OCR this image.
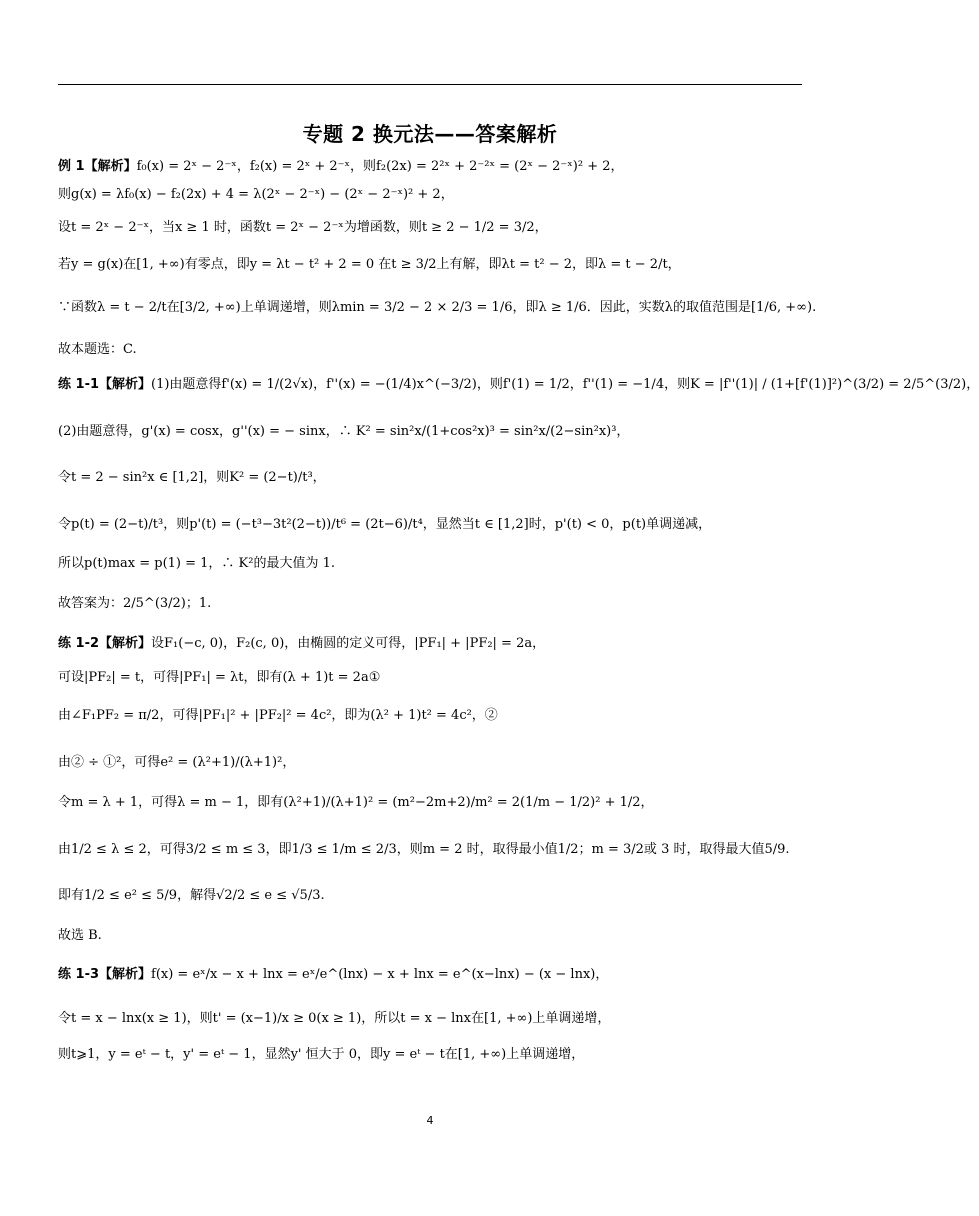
专题 2 换元法——答案解析
例 1【解析】f₀(x) = 2ˣ − 2⁻ˣ，f₂(x) = 2ˣ + 2⁻ˣ，则f₂(2x) = 2²ˣ + 2⁻²ˣ = (2ˣ − 2⁻ˣ)² + 2，
则g(x) = λf₀(x) − f₂(2x) + 4 = λ(2ˣ − 2⁻ˣ) − (2ˣ − 2⁻ˣ)² + 2，
设t = 2ˣ − 2⁻ˣ，当x ≥ 1 时，函数t = 2ˣ − 2⁻ˣ为增函数，则t ≥ 2 − 1/2 = 3/2，
若y = g(x)在[1, +∞)有零点，即y = λt − t² + 2 = 0 在t ≥ 3/2上有解，即λt = t² − 2，即λ = t − 2/t，
∵函数λ = t − 2/t在[3/2, +∞)上单调递增，则λmin = 3/2 − 2 × 2/3 = 1/6，即λ ≥ 1/6．因此，实数λ的取值范围是[1/6, +∞).
故本题选：C.
练 1-1【解析】(1)由题意得f'(x) = 1/(2√x)，f''(x) = −(1/4)x^(−3/2)，则f'(1) = 1/2，f''(1) = −1/4，则K = |f''(1)| / (1+[f'(1)]²)^(3/2) = 2/5^(3/2)，
(2)由题意得，g'(x) = cosx，g''(x) = − sinx，∴ K² = sin²x/(1+cos²x)³ = sin²x/(2−sin²x)³，
令t = 2 − sin²x ∈ [1,2]，则K² = (2−t)/t³，
令p(t) = (2−t)/t³，则p'(t) = (−t³−3t²(2−t))/t⁶ = (2t−6)/t⁴，显然当t ∈ [1,2]时，p'(t) < 0，p(t)单调递减，
所以p(t)max = p(1) = 1，∴ K²的最大值为 1.
故答案为：2/5^(3/2)；1.
练 1-2【解析】设F₁(−c, 0)，F₂(c, 0)，由椭圆的定义可得，|PF₁| + |PF₂| = 2a，
可设|PF₂| = t，可得|PF₁| = λt，即有(λ + 1)t = 2a①
由∠F₁PF₂ = π/2，可得|PF₁|² + |PF₂|² = 4c²，即为(λ² + 1)t² = 4c²，②
由② ÷ ①²，可得e² = (λ²+1)/(λ+1)²，
令m = λ + 1，可得λ = m − 1，即有(λ²+1)/(λ+1)² = (m²−2m+2)/m² = 2(1/m − 1/2)² + 1/2，
由1/2 ≤ λ ≤ 2，可得3/2 ≤ m ≤ 3，即1/3 ≤ 1/m ≤ 2/3，则m = 2 时，取得最小值1/2；m = 3/2或 3 时，取得最大值5/9.
即有1/2 ≤ e² ≤ 5/9，解得√2/2 ≤ e ≤ √5/3.
故选 B.
练 1-3【解析】f(x) = eˣ/x − x + lnx = eˣ/e^(lnx) − x + lnx = e^(x−lnx) − (x − lnx)，
令t = x − lnx(x ≥ 1)，则t' = (x−1)/x ≥ 0(x ≥ 1)，所以t = x − lnx在[1, +∞)上单调递增，
则t⩾1，y = eᵗ − t，y' = eᵗ − 1，显然y' 恒大于 0，即y = eᵗ − t在[1, +∞)上单调递增，
4
